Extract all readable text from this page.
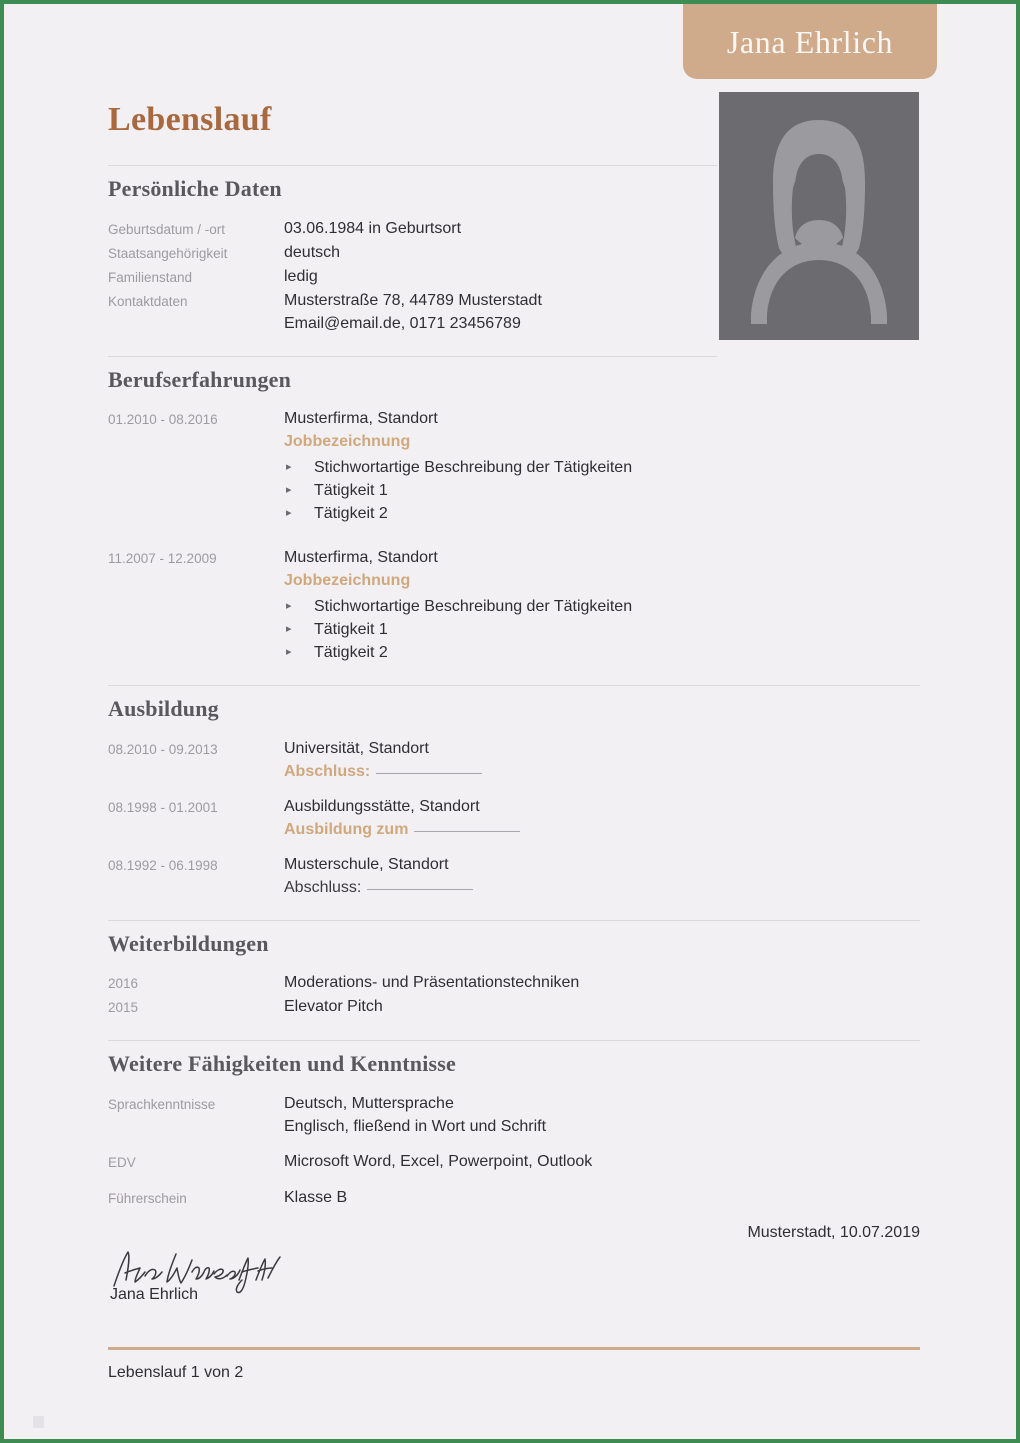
Jana Ehrlich
Lebenslauf
Persönliche Daten
Geburtsdatum / -ort	03.06.1984 in Geburtsort
Staatsangehörigkeit	deutsch
Familienstand	ledig
Kontaktdaten	Musterstraße 78, 44789 Musterstadt
Email@email.de, 0171 23456789
Berufserfahrungen
01.2010 - 08.2016	Musterfirma, Standort
Jobbezeichnung
▸ Stichwortartige Beschreibung der Tätigkeiten
▸ Tätigkeit 1
▸ Tätigkeit 2
11.2007 - 12.2009	Musterfirma, Standort
Jobbezeichnung
▸ Stichwortartige Beschreibung der Tätigkeiten
▸ Tätigkeit 1
▸ Tätigkeit 2
Ausbildung
08.2010 - 09.2013	Universität, Standort
Abschluss:
08.1998 - 01.2001	Ausbildungsstätte, Standort
Ausbildung zum
08.1992 - 06.1998	Musterschule, Standort
Abschluss:
Weiterbildungen
2016	Moderations- und Präsentationstechniken
2015	Elevator Pitch
Weitere Fähigkeiten und Kenntnisse
Sprachkenntnisse	Deutsch, Muttersprache
Englisch, fließend in Wort und Schrift
EDV	Microsoft Word, Excel, Powerpoint, Outlook
Führerschein	Klasse B
Musterstadt, 10.07.2019
Jana Ehrlich
Lebenslauf 1 von 2
